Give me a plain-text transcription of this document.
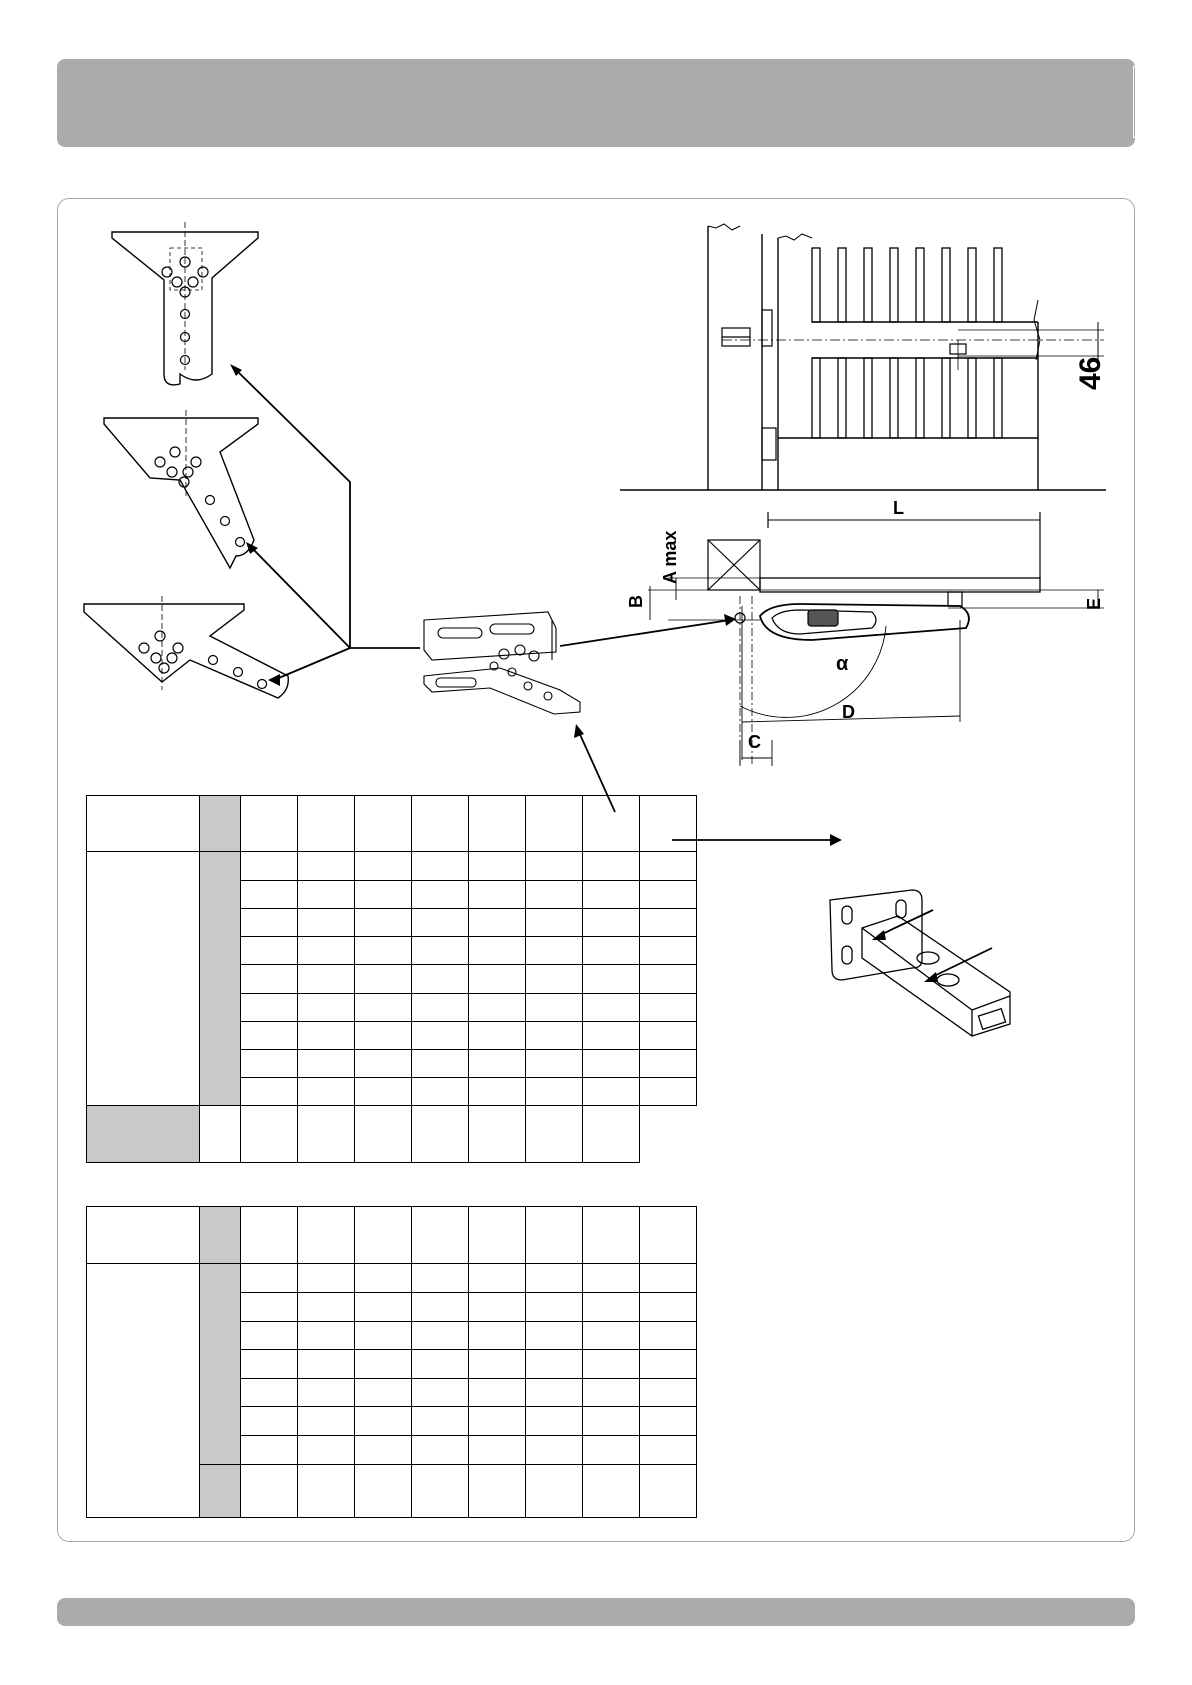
46
L
A max
B	E
α
D
C
